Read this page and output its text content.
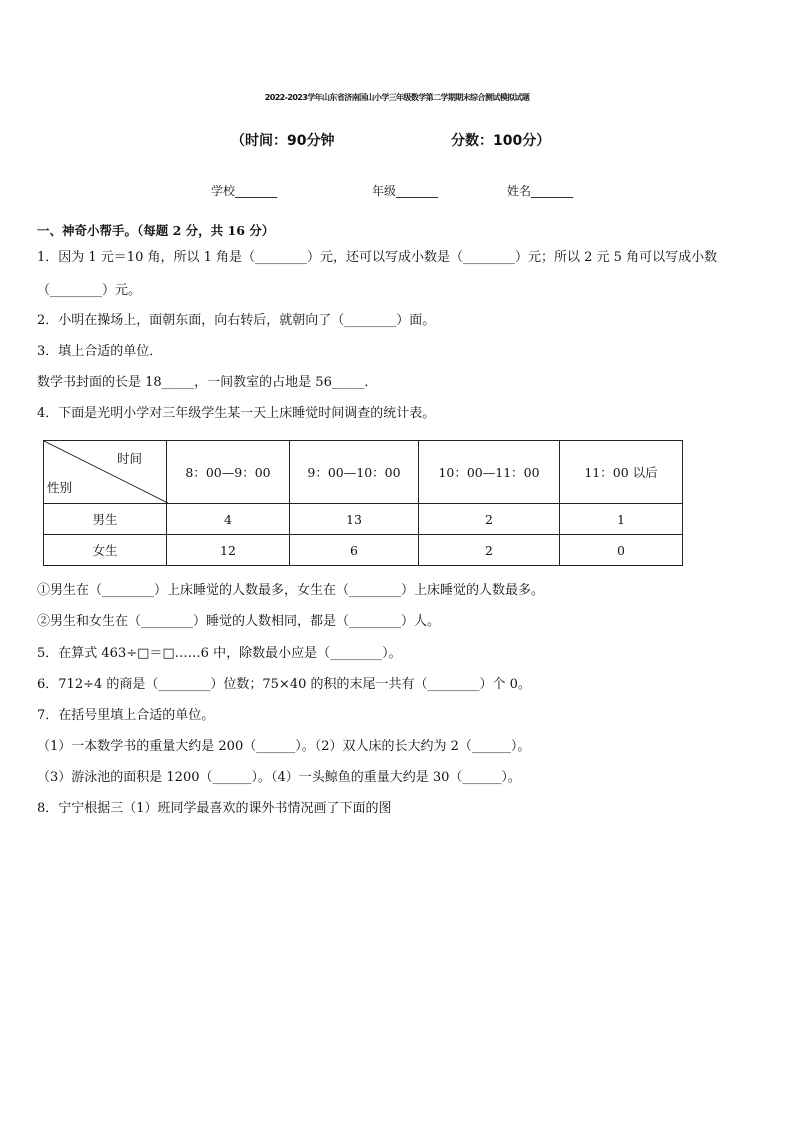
2022-2023学年山东省济南国山小学三年级数学第二学期期末综合测试模拟试题
（时间：90分钟	分数：100分）
学校_______	年级_______	姓名_______
一、神奇小帮手。（每题 2 分，共 16 分）
1．因为 1 元＝10 角，所以 1 角是（________）元，还可以写成小数是（________）元；所以 2 元 5 角可以写成小数
（________）元。
2．小明在操场上，面朝东面，向右转后，就朝向了（________）面。
3．填上合适的单位．
数学书封面的长是 18_____，一间教室的占地是 56_____．
4．下面是光明小学对三年级学生某一天上床睡觉时间调查的统计表。
时间
性别	8：00—9：00	9：00—10：00	10：00—11：00	11：00 以后
男生	4	13	2	1
女生	12	6	2	0
①男生在（________）上床睡觉的人数最多，女生在（________）上床睡觉的人数最多。
②男生和女生在（________）睡觉的人数相同，都是（________）人。
5．在算式 463÷□＝□……6 中，除数最小应是（________）。
6．712÷4 的商是（________）位数；75×40 的积的末尾一共有（________）个 0。
7．在括号里填上合适的单位。
（1）一本数学书的重量大约是 200（______）。（2）双人床的长大约为 2（______）。
（3）游泳池的面积是 1200（______）。（4）一头鲸鱼的重量大约是 30（______）。
8．宁宁根据三（1）班同学最喜欢的课外书情况画了下面的图
